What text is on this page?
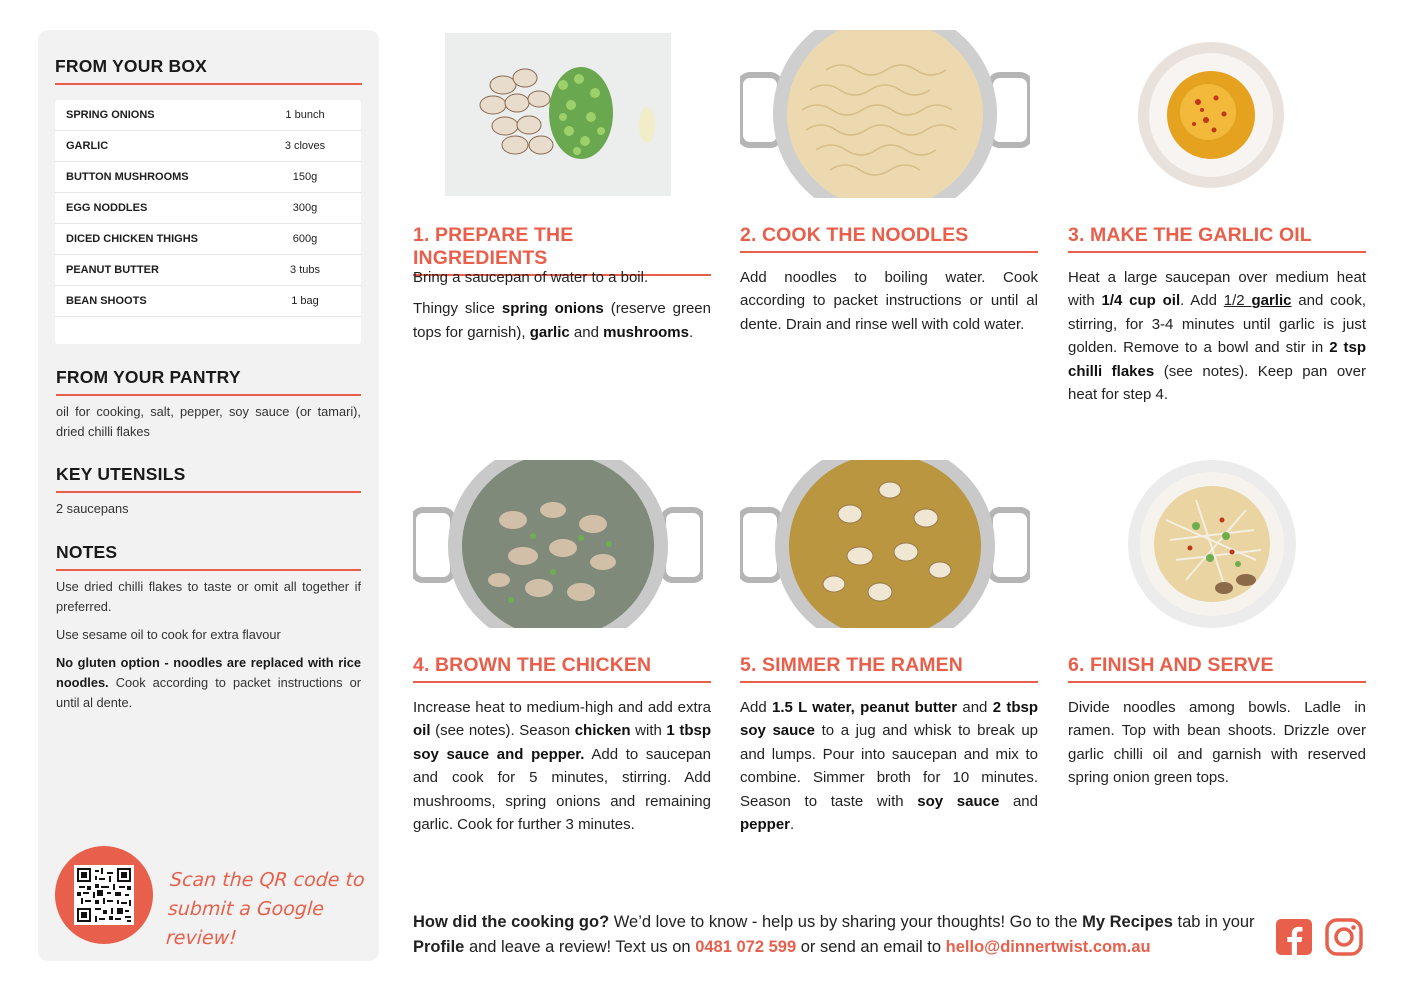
FROM YOUR BOX
SPRING ONIONS	1 bunch
GARLIC	3 cloves
BUTTON MUSHROOMS	150g
EGG NODDLES	300g
DICED CHICKEN THIGHS	600g
PEANUT BUTTER	3 tubs
BEAN SHOOTS	1 bag
FROM YOUR PANTRY
oil for cooking, salt, pepper, soy sauce (or tamari), dried chilli flakes
KEY UTENSILS
2 saucepans
NOTES
Use dried chilli flakes to taste or omit all together if preferred.
Use sesame oil to cook for extra flavour
No gluten option - noodles are replaced with rice noodles. Cook according to packet instructions or until al dente.
Scan the QR code to
submit a Google review!
1. PREPARE THE INGREDIENTS

Bring a saucepan of water to a boil.

Thingy slice spring onions (reserve green tops for garnish), garlic and mushrooms.

2. COOK THE NOODLES

Add noodles to boiling water. Cook according to packet instructions or until al dente. Drain and rinse well with cold water.

3. MAKE THE GARLIC OIL

Heat a large saucepan over medium heat with 1/4 cup oil. Add 1/2 garlic and cook, stirring, for 3-4 minutes until garlic is just golden. Remove to a bowl and stir in 2 tsp chilli flakes (see notes). Keep pan over heat for step 4.

4. BROWN THE CHICKEN

Increase heat to medium-high and add extra oil (see notes). Season chicken with 1 tbsp soy sauce and pepper. Add to saucepan and cook for 5 minutes, stirring. Add mushrooms, spring onions and remaining garlic. Cook for further 3 minutes.

5. SIMMER THE RAMEN

Add 1.5 L water, peanut butter and 2 tbsp soy sauce to a jug and whisk to break up and lumps. Pour into saucepan and mix to combine. Simmer broth for 10 minutes. Season to taste with soy sauce and pepper.

6. FINISH AND SERVE

Divide noodles among bowls. Ladle in ramen. Top with bean shoots. Drizzle over garlic chilli oil and garnish with reserved spring onion green tops.

How did the cooking go? We’d love to know - help us by sharing your thoughts! Go to the My Recipes tab in your Profile and leave a review! Text us on 0481 072 599 or send an email to hello@dinnertwist.com.au
